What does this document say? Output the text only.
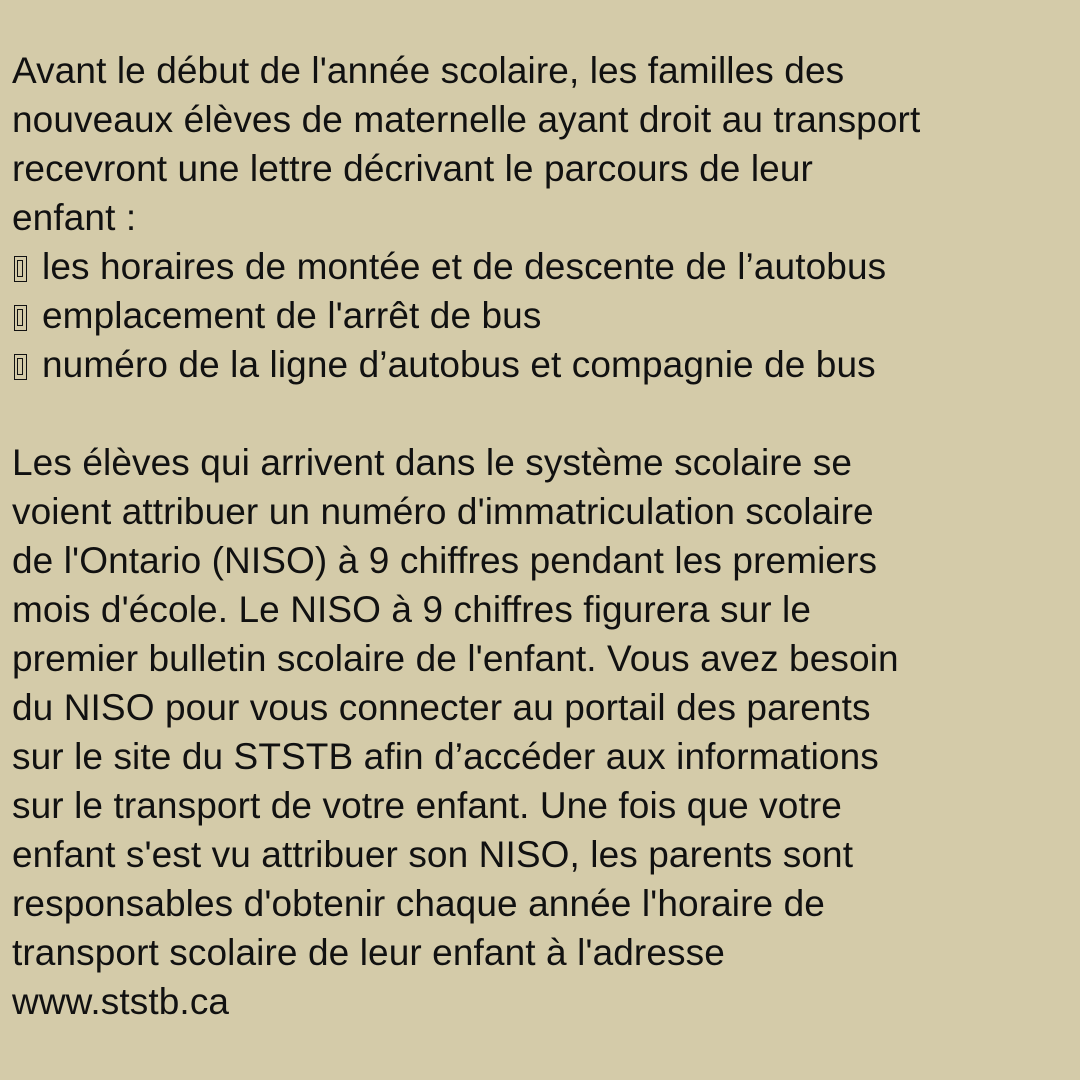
Avant le début de l'année scolaire, les familles des
nouveaux élèves de maternelle ayant droit au transport
recevront une lettre décrivant le parcours de leur
enfant :
les horaires de montée et de descente de l’autobus
emplacement de l'arrêt de bus
numéro de la ligne d’autobus et compagnie de bus
Les élèves qui arrivent dans le système scolaire se
voient attribuer un numéro d'immatriculation scolaire
de l'Ontario (NISO) à 9 chiffres pendant les premiers
mois d'école. Le NISO à 9 chiffres figurera sur le
premier bulletin scolaire de l'enfant. Vous avez besoin
du NISO pour vous connecter au portail des parents
sur le site du STSTB afin d’accéder aux informations
sur le transport de votre enfant. Une fois que votre
enfant s'est vu attribuer son NISO, les parents sont
responsables d'obtenir chaque année l'horaire de
transport scolaire de leur enfant à l'adresse
www.ststb.ca
